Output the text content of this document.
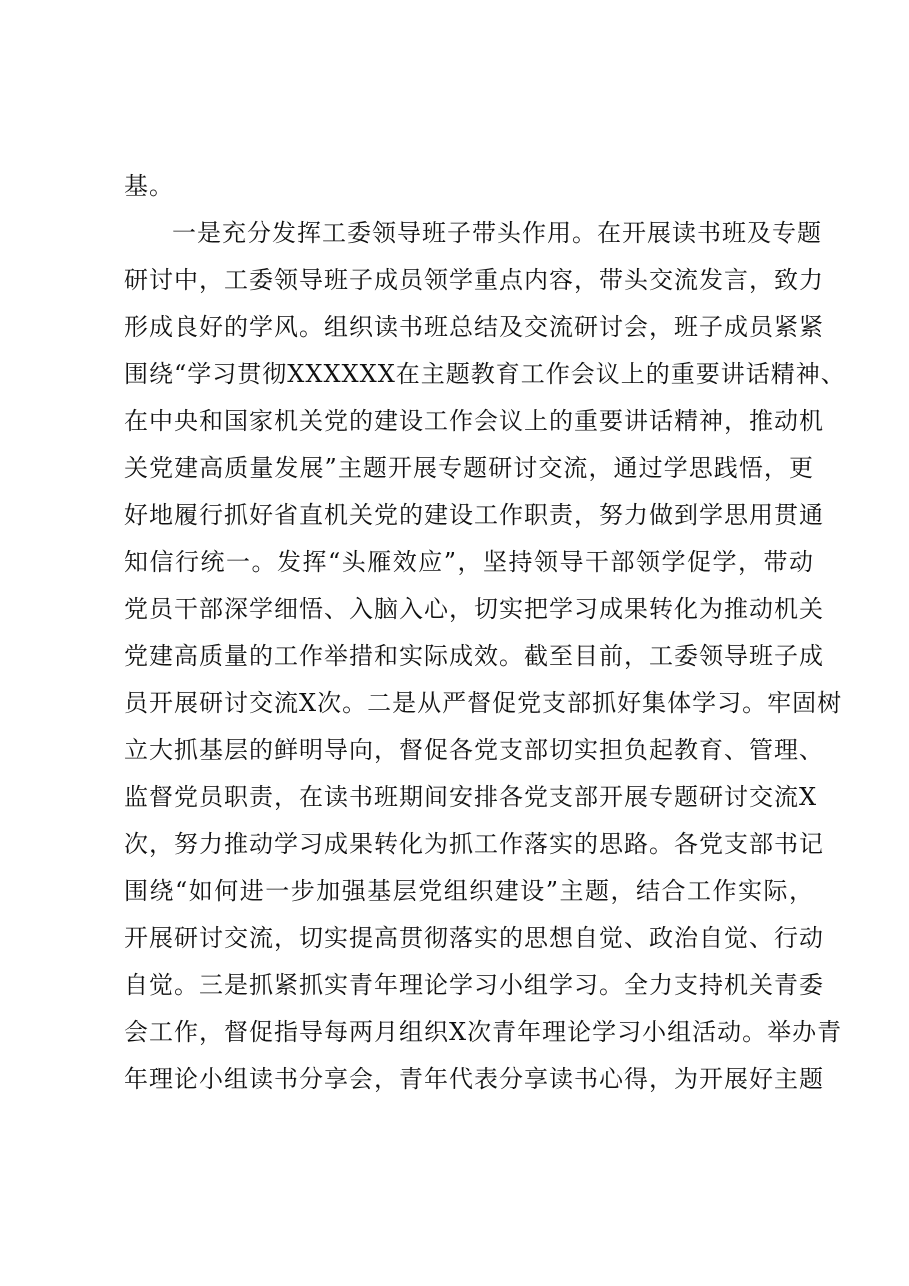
基。
一是充分发挥工委领导班子带头作用。在开展读书班及专题
研讨中，工委领导班子成员领学重点内容，带头交流发言，致力
形成良好的学风。组织读书班总结及交流研讨会，班子成员紧紧
围绕“学习贯彻XXXXXX在主题教育工作会议上的重要讲话精神、
在中央和国家机关党的建设工作会议上的重要讲话精神，推动机
关党建高质量发展”主题开展专题研讨交流，通过学思践悟，更
好地履行抓好省直机关党的建设工作职责，努力做到学思用贯通
知信行统一。发挥“头雁效应”，坚持领导干部领学促学，带动
党员干部深学细悟、入脑入心，切实把学习成果转化为推动机关
党建高质量的工作举措和实际成效。截至目前，工委领导班子成
员开展研讨交流X次。二是从严督促党支部抓好集体学习。牢固树
立大抓基层的鲜明导向，督促各党支部切实担负起教育、管理、
监督党员职责，在读书班期间安排各党支部开展专题研讨交流X
次，努力推动学习成果转化为抓工作落实的思路。各党支部书记
围绕“如何进一步加强基层党组织建设”主题，结合工作实际，
开展研讨交流，切实提高贯彻落实的思想自觉、政治自觉、行动
自觉。三是抓紧抓实青年理论学习小组学习。全力支持机关青委
会工作，督促指导每两月组织X次青年理论学习小组活动。举办青
年理论小组读书分享会，青年代表分享读书心得，为开展好主题
